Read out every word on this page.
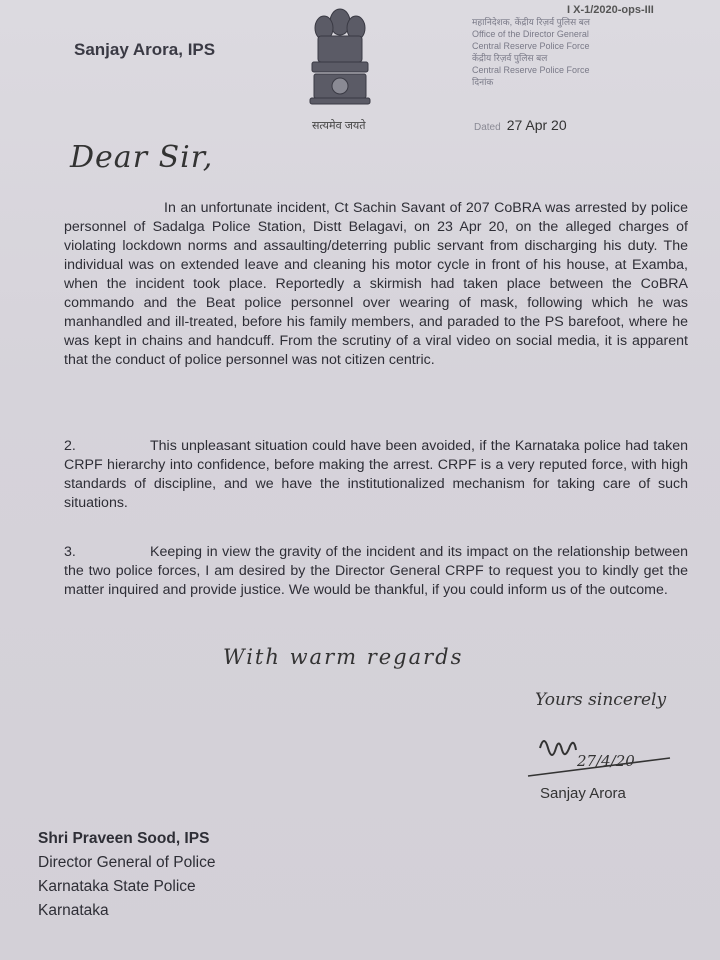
Sanjay Arora, IPS
सत्यमेव जयते
I X-1/2020-ops-III
महानिदेशक, केंद्रीय रिज़र्व पुलिस बल
Office of the Director General
Central Reserve Police Force
केंद्रीय रिज़र्व पुलिस बल
Central Reserve Police Force
दिनांक
Dated 27 Apr 20
Dear Sir,
In an unfortunate incident, Ct Sachin Savant of 207 CoBRA was arrested by police personnel of Sadalga Police Station, Distt Belagavi, on 23 Apr 20, on the alleged charges of violating lockdown norms and assaulting/deterring public servant from discharging his duty. The individual was on extended leave and cleaning his motor cycle in front of his house, at Examba, when the incident took place. Reportedly a skirmish had taken place between the CoBRA commando and the Beat police personnel over wearing of mask, following which he was manhandled and ill-treated, before his family members, and paraded to the PS barefoot, where he was kept in chains and handcuff. From the scrutiny of a viral video on social media, it is apparent that the conduct of police personnel was not citizen centric.
2.	This unpleasant situation could have been avoided, if the Karnataka police had taken CRPF hierarchy into confidence, before making the arrest. CRPF is a very reputed force, with high standards of discipline, and we have the institutionalized mechanism for taking care of such situations.
3.	Keeping in view the gravity of the incident and its impact on the relationship between the two police forces, I am desired by the Director General CRPF to request you to kindly get the matter inquired and provide justice. We would be thankful, if you could inform us of the outcome.
With warm regards
Yours sincerely
27/4/20
Sanjay Arora
Shri Praveen Sood, IPS
Director General of Police
Karnataka State Police
Karnataka
